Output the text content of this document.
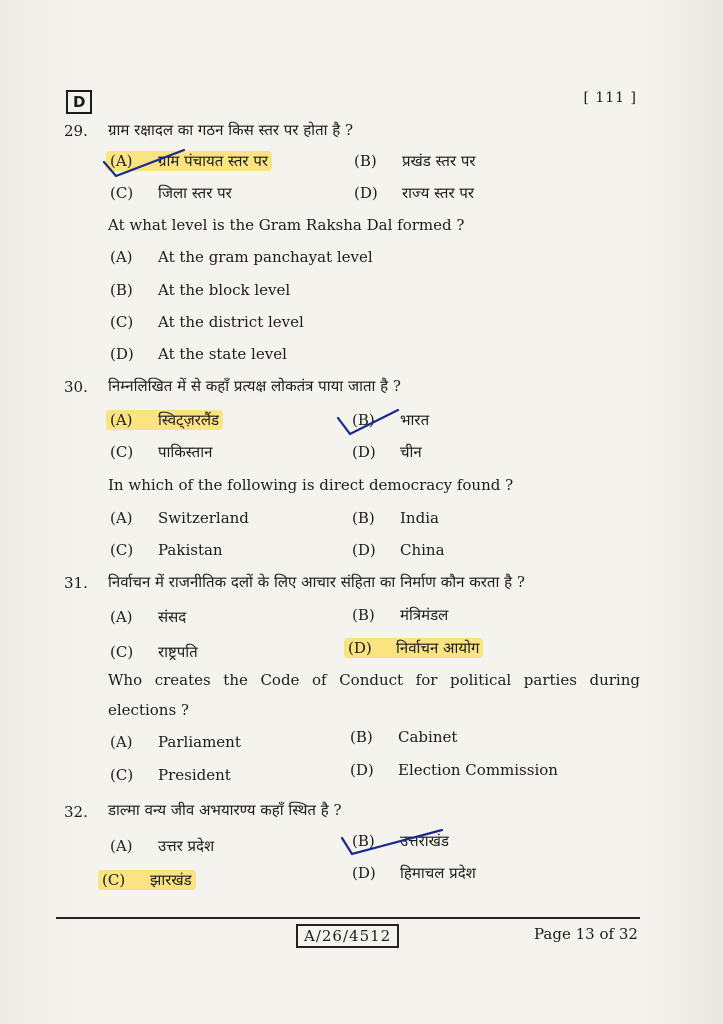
D	[ 111 ]
29. ग्राम रक्षादल का गठन किस स्तर पर होता है ?
(A) ग्राम पंचायत स्तर पर	(B) प्रखंड स्तर पर
(C) जिला स्तर पर	(D) राज्य स्तर पर
At what level is the Gram Raksha Dal formed ?
(A) At the gram panchayat level
(B) At the block level
(C) At the district level
(D) At the state level
30. निम्नलिखित में से कहाँ प्रत्यक्ष लोकतंत्र पाया जाता है ?
(A) स्विट्ज़रलैंड	(B) भारत
(C) पाकिस्तान	(D) चीन
In which of the following is direct democracy found ?
(A) Switzerland	(B) India
(C) Pakistan	(D) China
31. निर्वाचन में राजनीतिक दलों के लिए आचार संहिता का निर्माण कौन करता है ?
(A) संसद	(B) मंत्रिमंडल
(C) राष्ट्रपति	(D) निर्वाचन आयोग
Who creates the Code of Conduct for political parties during elections ?
(A) Parliament	(B) Cabinet
(C) President	(D) Election Commission
32. डाल्मा वन्य जीव अभयारण्य कहाँ स्थित है ?
(A) उत्तर प्रदेश	(B) उत्तराखंड
(C) झारखंड	(D) हिमाचल प्रदेश
A/26/4512	Page 13 of 32
